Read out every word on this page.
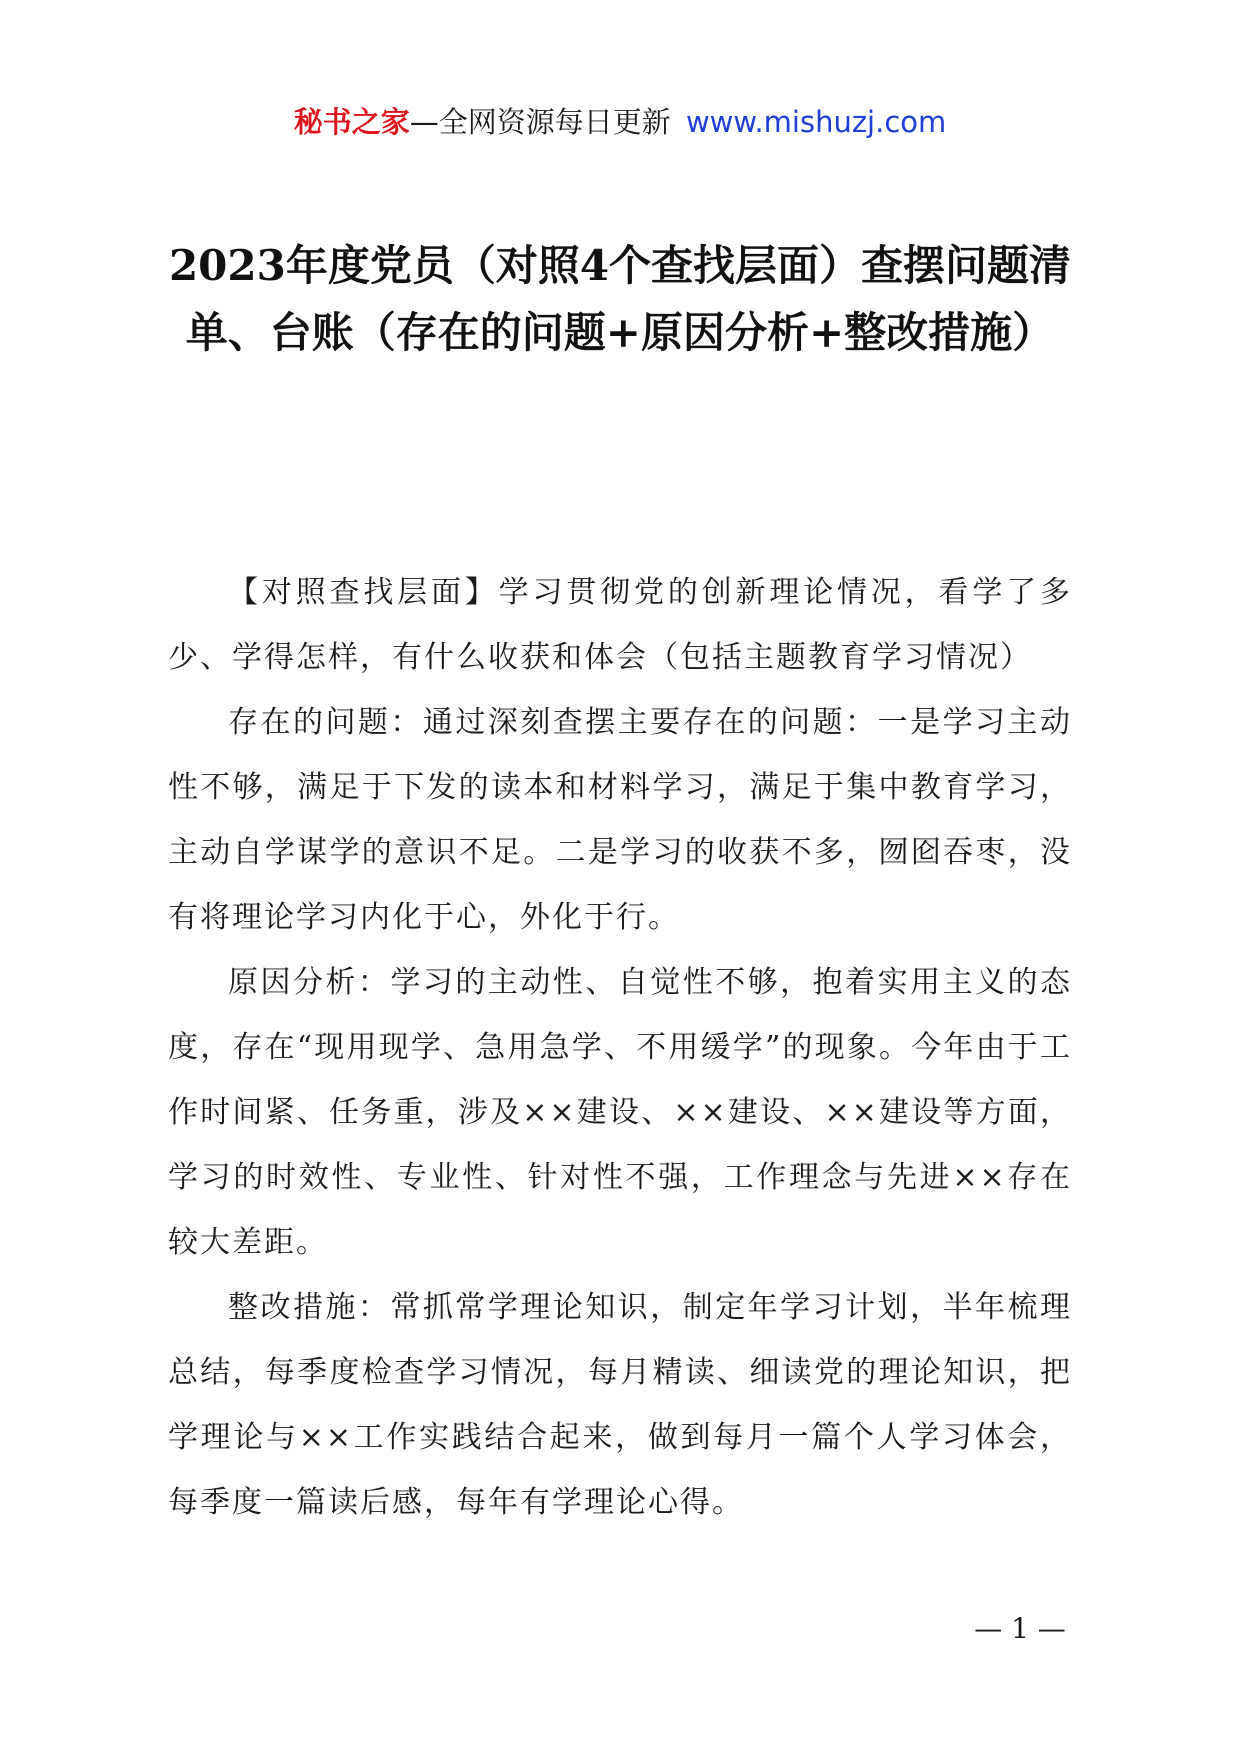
秘书之家—全网资源每日更新 www.mishuzj.com
2023年度党员（对照4个查找层面）查摆问题清单、台账（存在的问题+原因分析+整改措施）

【对照查找层面】学习贯彻党的创新理论情况，看学了多少、学得怎样，有什么收获和体会（包括主题教育学习情况）

存在的问题：通过深刻查摆主要存在的问题：一是学习主动性不够，满足于下发的读本和材料学习，满足于集中教育学习，主动自学谋学的意识不足。二是学习的收获不多，囫囵吞枣，没有将理论学习内化于心，外化于行。

原因分析：学习的主动性、自觉性不够，抱着实用主义的态度，存在“现用现学、急用急学、不用缓学”的现象。今年由于工作时间紧、任务重，涉及××建设、××建设、××建设等方面，学习的时效性、专业性、针对性不强，工作理念与先进××存在较大差距。

整改措施：常抓常学理论知识，制定年学习计划，半年梳理总结，每季度检查学习情况，每月精读、细读党的理论知识，把学理论与××工作实践结合起来，做到每月一篇个人学习体会，每季度一篇读后感，每年有学理论心得。

— 1 —
